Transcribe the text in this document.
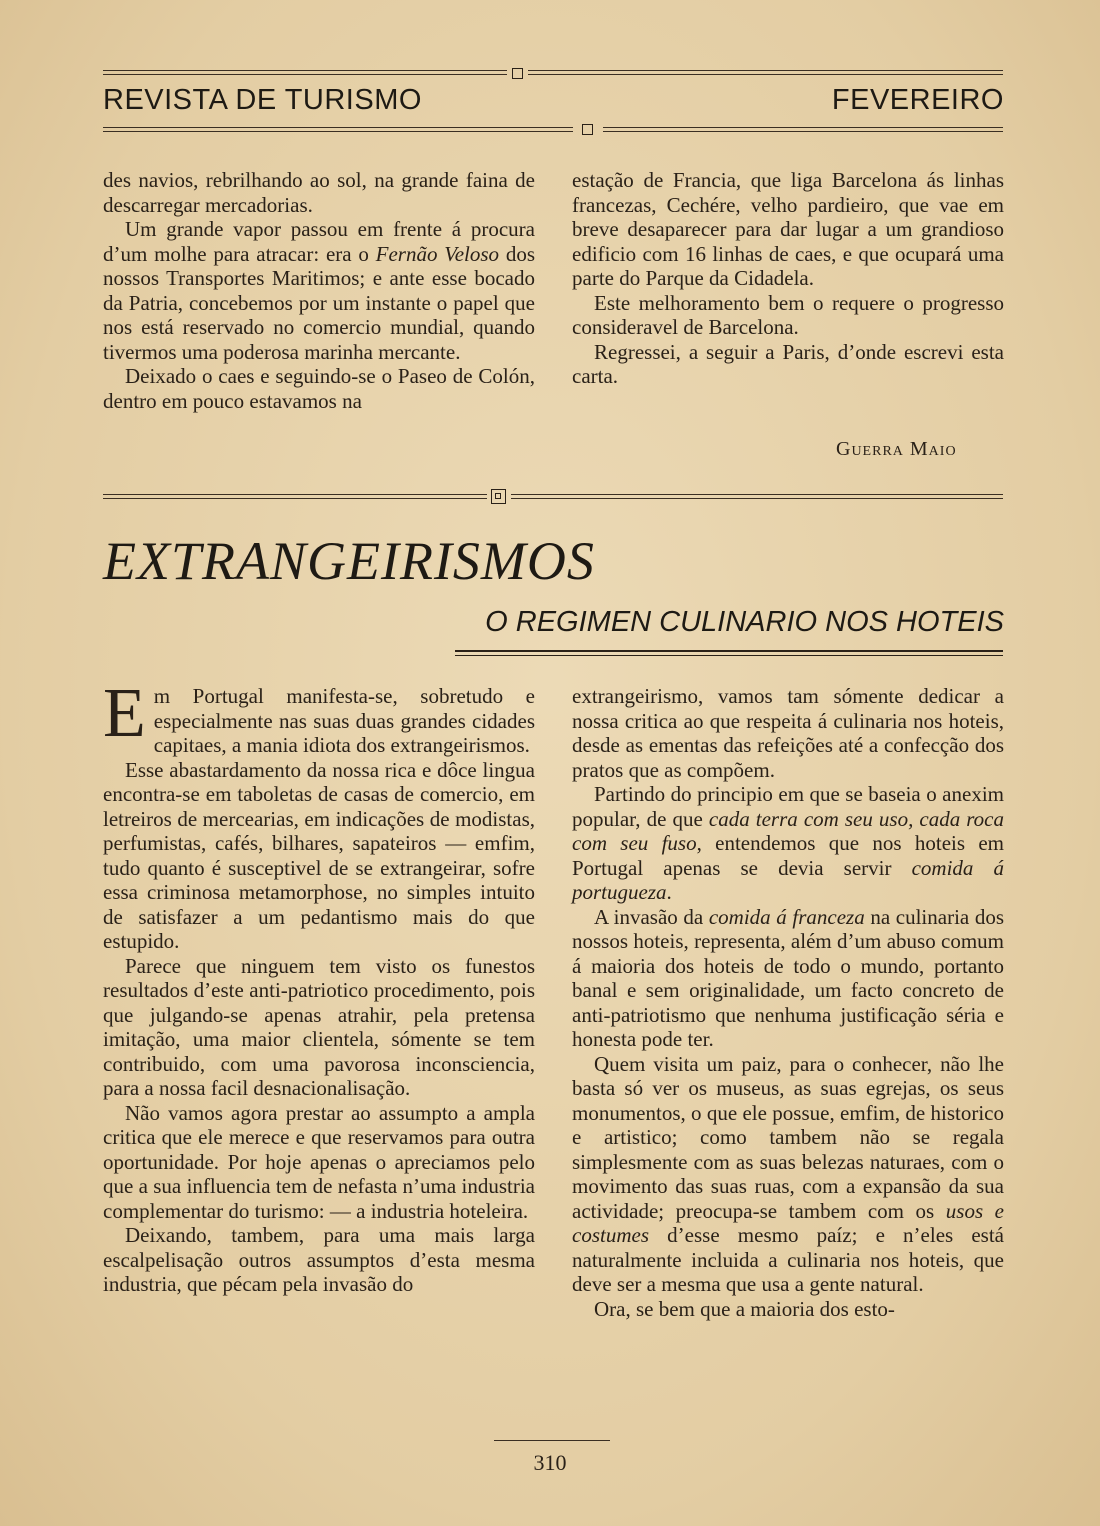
REVISTA DE TURISMO	FEVEREIRO

des navios, rebrilhando ao sol, na grande faina de descarregar mercadorias.

Um grande vapor passou em frente á procura d’um molhe para atracar: era o Fernão Veloso dos nossos Transportes Maritimos; e ante esse bocado da Patria, concebemos por um instante o papel que nos está reservado no comercio mundial, quando tivermos uma poderosa marinha mercante.

Deixado o caes e seguindo-se o Paseo de Colón, dentro em pouco estavamos na

estação de Francia, que liga Barcelona ás linhas francezas, Cechére, velho pardieiro, que vae em breve desaparecer para dar lugar a um grandioso edificio com 16 linhas de caes, e que ocupará uma parte do Parque da Cidadela.

Este melhoramento bem o requere o progresso consideravel de Barcelona.

Regressei, a seguir a Paris, d’onde escrevi esta carta.

Guerra Maio
EXTRANGEIRISMOS
O REGIMEN CULINARIO NOS HOTEIS

Em Portugal manifesta-se, sobretudo e especialmente nas suas duas grandes cidades capitaes, a mania idiota dos extrangeirismos.

Esse abastardamento da nossa rica e dôce lingua encontra-se em taboletas de casas de comercio, em letreiros de mercearias, em indicações de modistas, perfumistas, cafés, bilhares, sapateiros — emfim, tudo quanto é susceptivel de se extrangeirar, sofre essa criminosa metamorphose, no simples intuito de satisfazer a um pedantismo mais do que estupido.

Parece que ninguem tem visto os funestos resultados d’este anti-patriotico procedimento, pois que julgando-se apenas atrahir, pela pretensa imitação, uma maior clientela, sómente se tem contribuido, com uma pavorosa inconsciencia, para a nossa facil desnacionalisação.

Não vamos agora prestar ao assumpto a ampla critica que ele merece e que reservamos para outra oportunidade. Por hoje apenas o apreciamos pelo que a sua influencia tem de nefasta n’uma industria complementar do turismo: — a industria hoteleira.

Deixando, tambem, para uma mais larga escalpelisação outros assumptos d’esta mesma industria, que pécam pela invasão do

extrangeirismo, vamos tam sómente dedicar a nossa critica ao que respeita á culinaria nos hoteis, desde as ementas das refeições até a confecção dos pratos que as compõem.

Partindo do principio em que se baseia o anexim popular, de que cada terra com seu uso, cada roca com seu fuso, entendemos que nos hoteis em Portugal apenas se devia servir comida á portugueza.

A invasão da comida á franceza na culinaria dos nossos hoteis, representa, além d’um abuso comum á maioria dos hoteis de todo o mundo, portanto banal e sem originalidade, um facto concreto de anti-patriotismo que nenhuma justificação séria e honesta pode ter.

Quem visita um paiz, para o conhecer, não lhe basta só ver os museus, as suas egrejas, os seus monumentos, o que ele possue, emfim, de historico e artistico; como tambem não se regala simplesmente com as suas belezas naturaes, com o movimento das suas ruas, com a expansão da sua actividade; preocupa-se tambem com os usos e costumes d’esse mesmo paíz; e n’eles está naturalmente incluida a culinaria nos hoteis, que deve ser a mesma que usa a gente natural.

Ora, se bem que a maioria dos esto-

310
